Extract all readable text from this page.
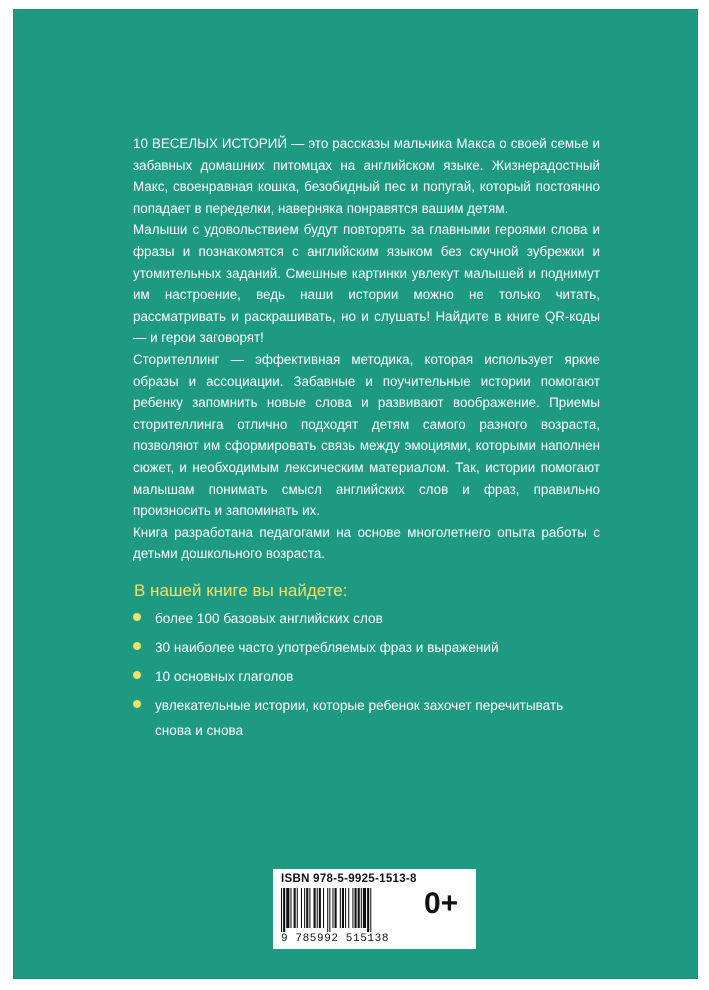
10 ВЕСЕЛЫХ ИСТОРИЙ — это рассказы мальчика Макса о своей семье и забавных домашних питомцах на английском языке. Жизнерадостный Макс, своенравная кошка, безобидный пес и попугай, который постоянно попадает в переделки, наверняка понравятся вашим детям.

Малыши с удовольствием будут повторять за главными героями слова и фразы и познакомятся с английским языком без скучной зубрежки и утомительных заданий. Смешные картинки увлекут малышей и поднимут им настроение, ведь наши истории можно не только читать, рассматривать и раскрашивать, но и слушать! Найдите в книге QR-коды — и герои заговорят!

Сторителлинг — эффективная методика, которая использует яркие образы и ассоциации. Забавные и поучительные истории помогают ребенку запомнить новые слова и развивают воображение. Приемы сторителлинга отлично подходят детям самого разного возраста, позволяют им сформировать связь между эмоциями, которыми наполнен сюжет, и необходимым лексическим материалом. Так, истории помогают малышам понимать смысл английских слов и фраз, правильно произносить и запоминать их.

Книга разработана педагогами на основе многолетнего опыта работы с детьми дошкольного возраста.

В нашей книге вы найдете:
более 100 базовых английских слов
30 наиболее часто употребляемых фраз и выражений
10 основных глаголов
увлекательные истории, которые ребенок захочет перечитывать снова и снова
ISBN 978-5-9925-1513-8
9 785992 515138
0+
